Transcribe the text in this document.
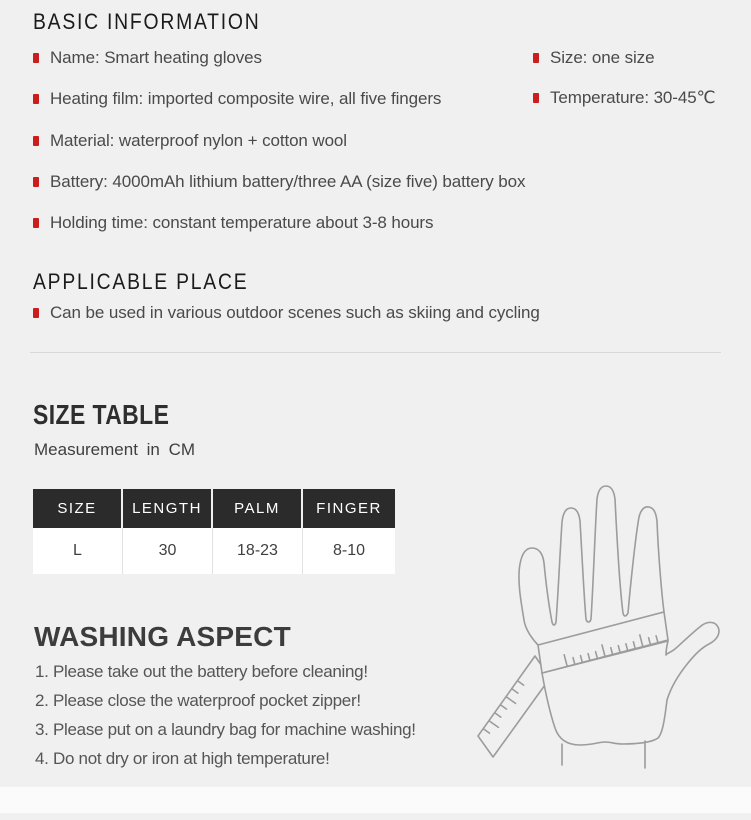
BASIC INFORMATION
Name: Smart heating gloves
Heating film: imported composite wire, all five fingers
Material: waterproof nylon + cotton wool
Battery: 4000mAh lithium battery/three AA (size five) battery box
Holding time: constant temperature about 3-8 hours
Size: one size
Temperature: 30-45℃
APPLICABLE PLACE
Can be used in various outdoor scenes such as skiing and cycling
SIZE TABLE
Measurement in CM
SIZE	LENGTH	PALM	FINGER
L	30	18-23	8-10
WASHING ASPECT
1. Please take out the battery before cleaning!
2. Please close the waterproof pocket zipper!
3. Please put on a laundry bag for machine washing!
4. Do not dry or iron at high temperature!
